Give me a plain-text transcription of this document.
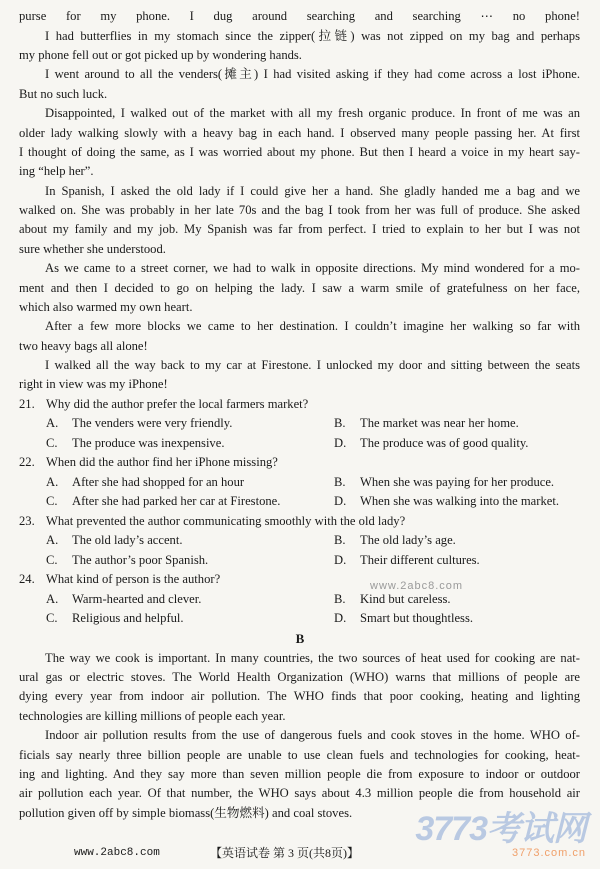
purse for my phone. I dug around searching and searching ⋯ no phone!
I had butterflies in my stomach since the zipper(拉链) was not zipped on my bag and perhaps
my phone fell out or got picked up by wondering hands.
I went around to all the venders(摊主) I had visited asking if they had come across a lost iPhone.
But no such luck.
Disappointed, I walked out of the market with all my fresh organic produce. In front of me was an
older lady walking slowly with a heavy bag in each hand. I observed many people passing her. At first
I thought of doing the same, as I was worried about my phone. But then I heard a voice in my heart say-
ing “help her”.
In Spanish, I asked the old lady if I could give her a hand. She gladly handed me a bag and we
walked on. She was probably in her late 70s and the bag I took from her was full of produce. She asked
about my family and my job. My Spanish was far from perfect. I tried to explain to her but I was not
sure whether she understood.
As we came to a street corner, we had to walk in opposite directions. My mind wondered for a mo-
ment and then I decided to go on helping the lady. I saw a warm smile of gratefulness on her face,
which also warmed my own heart.
After a few more blocks we came to her destination. I couldn’t imagine her walking so far with
two heavy bags all alone!
I walked all the way back to my car at Firestone. I unlocked my door and sitting between the seats
right in view was my iPhone!
21. Why did the author prefer the local farmers market?
A. The venders were very friendly.	B. The market was near her home.
C. The produce was inexpensive.	D. The produce was of good quality.
22. When did the author find her iPhone missing?
A. After she had shopped for an hour	B. When she was paying for her produce.
C. After she had parked her car at Firestone.	D. When she was walking into the market.
23. What prevented the author communicating smoothly with the old lady?
A. The old lady’s accent.	B. The old lady’s age.
C. The author’s poor Spanish.	D. Their different cultures.
24. What kind of person is the author?	www.2abc8.com
A. Warm-hearted and clever.	B. Kind but careless.
C. Religious and helpful.	D. Smart but thoughtless.
B
The way we cook is important. In many countries, the two sources of heat used for cooking are nat-
ural gas or electric stoves. The World Health Organization (WHO) warns that millions of people are
dying every year from indoor air pollution. The WHO finds that poor cooking, heating and lighting
technologies are killing millions of people each year.
Indoor air pollution results from the use of dangerous fuels and cook stoves in the home. WHO of-
ficials say nearly three billion people are unable to use clean fuels and technologies for cooking, heat-
ing and lighting. And they say more than seven million people die from exposure to indoor or outdoor
air pollution each year. Of that number, the WHO says about 4.3 million people die from household air
pollution given off by simple biomass(生物燃料) and coal stoves.
www.2abc8.com	【英语试卷 第 3 页(共8页)】
3773考试网
3773.com.cn
